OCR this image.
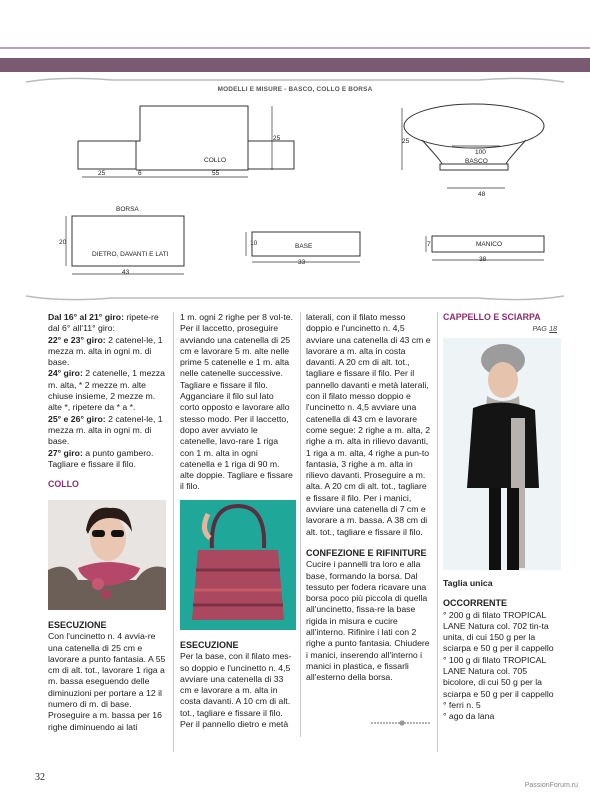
MODELLI E MISURE - BASCO, COLLO E BORSA
COLLO
25
25	6	55
BASCO
25
100
48
BORSA
20
DIETRO, DAVANTI E LATI
43
BASE
10
33
MANICO
7
38

Dal 16° al 21° giro: ripete-re dal 6° all'11° giro:

22° e 23° giro: 2 catenel-le, 1 mezza m. alta in ogni m. di base.

24° giro: 2 catenelle, 1 mezza m. alta, * 2 mezze m. alte chiuse insieme, 2 mezze m. alte *, ripetere da * a *.

25° e 26° giro: 2 catenel-le, 1 mezza m. alta in ogni m. di base.

27° giro: a punto gambero. Tagliare e fissare il filo.

COLLO

ESECUZIONE

Con l'uncinetto n. 4 avvia-re una catenella di 25 cm e lavorare a punto fantasia. A 55 cm di alt. tot., lavorare 1 riga a m. bassa eseguendo delle diminuzioni per portare a 12 il numero di m. di base. Proseguire a m. bassa per 16 righe diminuendo ai lati

1 m. ogni 2 righe per 8 vol-te. Per il laccetto, proseguire avviando una catenella di 25 cm e lavorare 5 m. alte nelle prime 5 catenelle e 1 m. alta nelle catenelle successive. Tagliare e fissare il filo. Agganciare il filo sul lato corto opposto e lavorare allo stesso modo. Per il laccetto, dopo aver avviato le catenelle, lavo-rare 1 riga con 1 m. alta in ogni catenella e 1 riga di 90 m. alte doppie. Tagliare e fissare il filo.

ESECUZIONE

Per la base, con il filato mes-so doppio e l'uncinetto n. 4,5 avviare una catenella di 33 cm e lavorare a m. alta in costa davanti. A 10 cm di alt. tot., tagliare e fissare il filo. Per il pannello dietro e metà

laterali, con il filato messo doppio e l'uncinetto n. 4,5 avviare una catenella di 43 cm e lavorare a m. alta in costa davanti. A 20 cm di alt. tot., tagliare e fissare il filo. Per il pannello davanti e metà laterali, con il filato messo doppio e l'uncinetto n. 4,5 avviare una catenella di 43 cm e lavorare come segue: 2 righe a m. alta, 2 righe a m. alta in rilievo davanti, 1 riga a m. alta, 4 righe a pun-to fantasia, 3 righe a m. alta in rilievo davanti. Proseguire a m. alta. A 20 cm di alt. tot., tagliare e fissare il filo. Per i manici, avviare una catenella di 7 cm e lavorare a m. bassa. A 38 cm di alt. tot., tagliare e fissare il filo.

CONFEZIONE E RIFINITURE

Cucire i pannelli tra loro e alla base, formando la borsa. Dal tessuto per fodera ricavare una borsa poco più piccola di quella all'uncinetto, fissa-re la base rigida in misura e cucire all'interno. Rifinire i lati con 2 righe a punto fantasia. Chiudere i manici, inserendo all'interno i manici in plastica, e fissarli all'esterno della borsa.

CAPPELLO E SCIARPA

PAG 18

Taglia unica

OCCORRENTE

° 200 g di filato TROPICAL LANE Natura col. 702 tin-ta unita, di cui 150 g per la sciarpa e 50 g per il cappello

° 100 g di filato TROPICAL LANE Natura col. 705 bicolore, di cui 50 g per la sciarpa e 50 g per il cappello

° ferri n. 5

° ago da lana

32
PassionForum.ru
